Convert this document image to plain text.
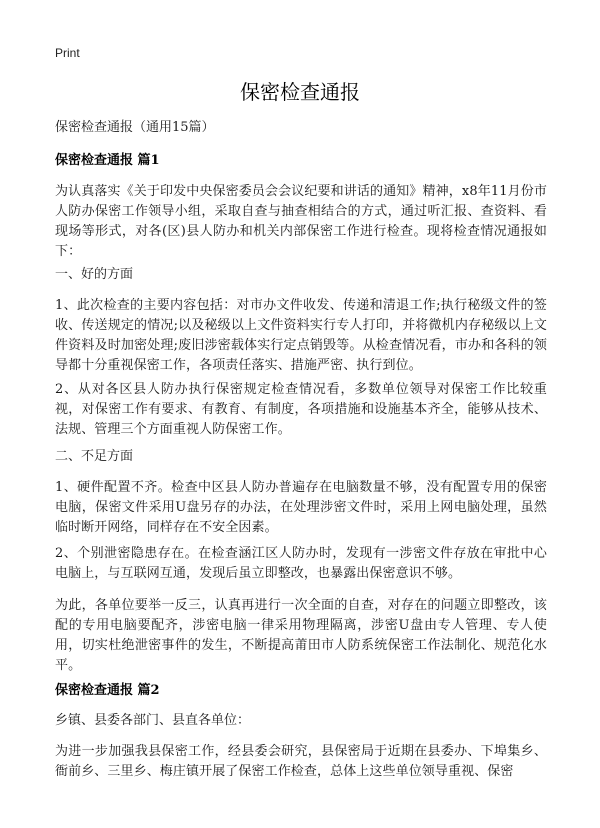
Print
保密检查通报
保密检查通报（通用15篇）
保密检查通报 篇1
为认真落实《关于印发中央保密委员会会议纪要和讲话的通知》精神，x8年11月份市人防办保密工作领导小组，采取自查与抽查相结合的方式，通过听汇报、查资料、看现场等形式，对各(区)县人防办和机关内部保密工作进行检查。现将检查情况通报如下：
一、好的方面
1、此次检查的主要内容包括：对市办文件收发、传递和清退工作;执行秘级文件的签收、传送规定的情况;以及秘级以上文件资料实行专人打印，并将微机内存秘级以上文件资料及时加密处理;废旧涉密载体实行定点销毁等。从检查情况看，市办和各科的领导都十分重视保密工作，各项责任落实、措施严密、执行到位。
2、从对各区县人防办执行保密规定检查情况看，多数单位领导对保密工作比较重视，对保密工作有要求、有教育、有制度，各项措施和设施基本齐全，能够从技术、法规、管理三个方面重视人防保密工作。
二、不足方面
1、硬件配置不齐。检查中区县人防办普遍存在电脑数量不够，没有配置专用的保密电脑，保密文件采用U盘另存的办法，在处理涉密文件时，采用上网电脑处理，虽然临时断开网络，同样存在不安全因素。
2、个别泄密隐患存在。在检查涵江区人防办时，发现有一涉密文件存放在审批中心电脑上，与互联网互通，发现后虽立即整改，也暴露出保密意识不够。
为此，各单位要举一反三，认真再进行一次全面的自查，对存在的问题立即整改，该配的专用电脑要配齐，涉密电脑一律采用物理隔离，涉密U盘由专人管理、专人使用，切实杜绝泄密事件的发生，不断提高莆田市人防系统保密工作法制化、规范化水平。
保密检查通报 篇2
乡镇、县委各部门、县直各单位：
为进一步加强我县保密工作，经县委会研究，县保密局于近期在县委办、下埠集乡、衙前乡、三里乡、梅庄镇开展了保密工作检查，总体上这些单位领导重视、保密
